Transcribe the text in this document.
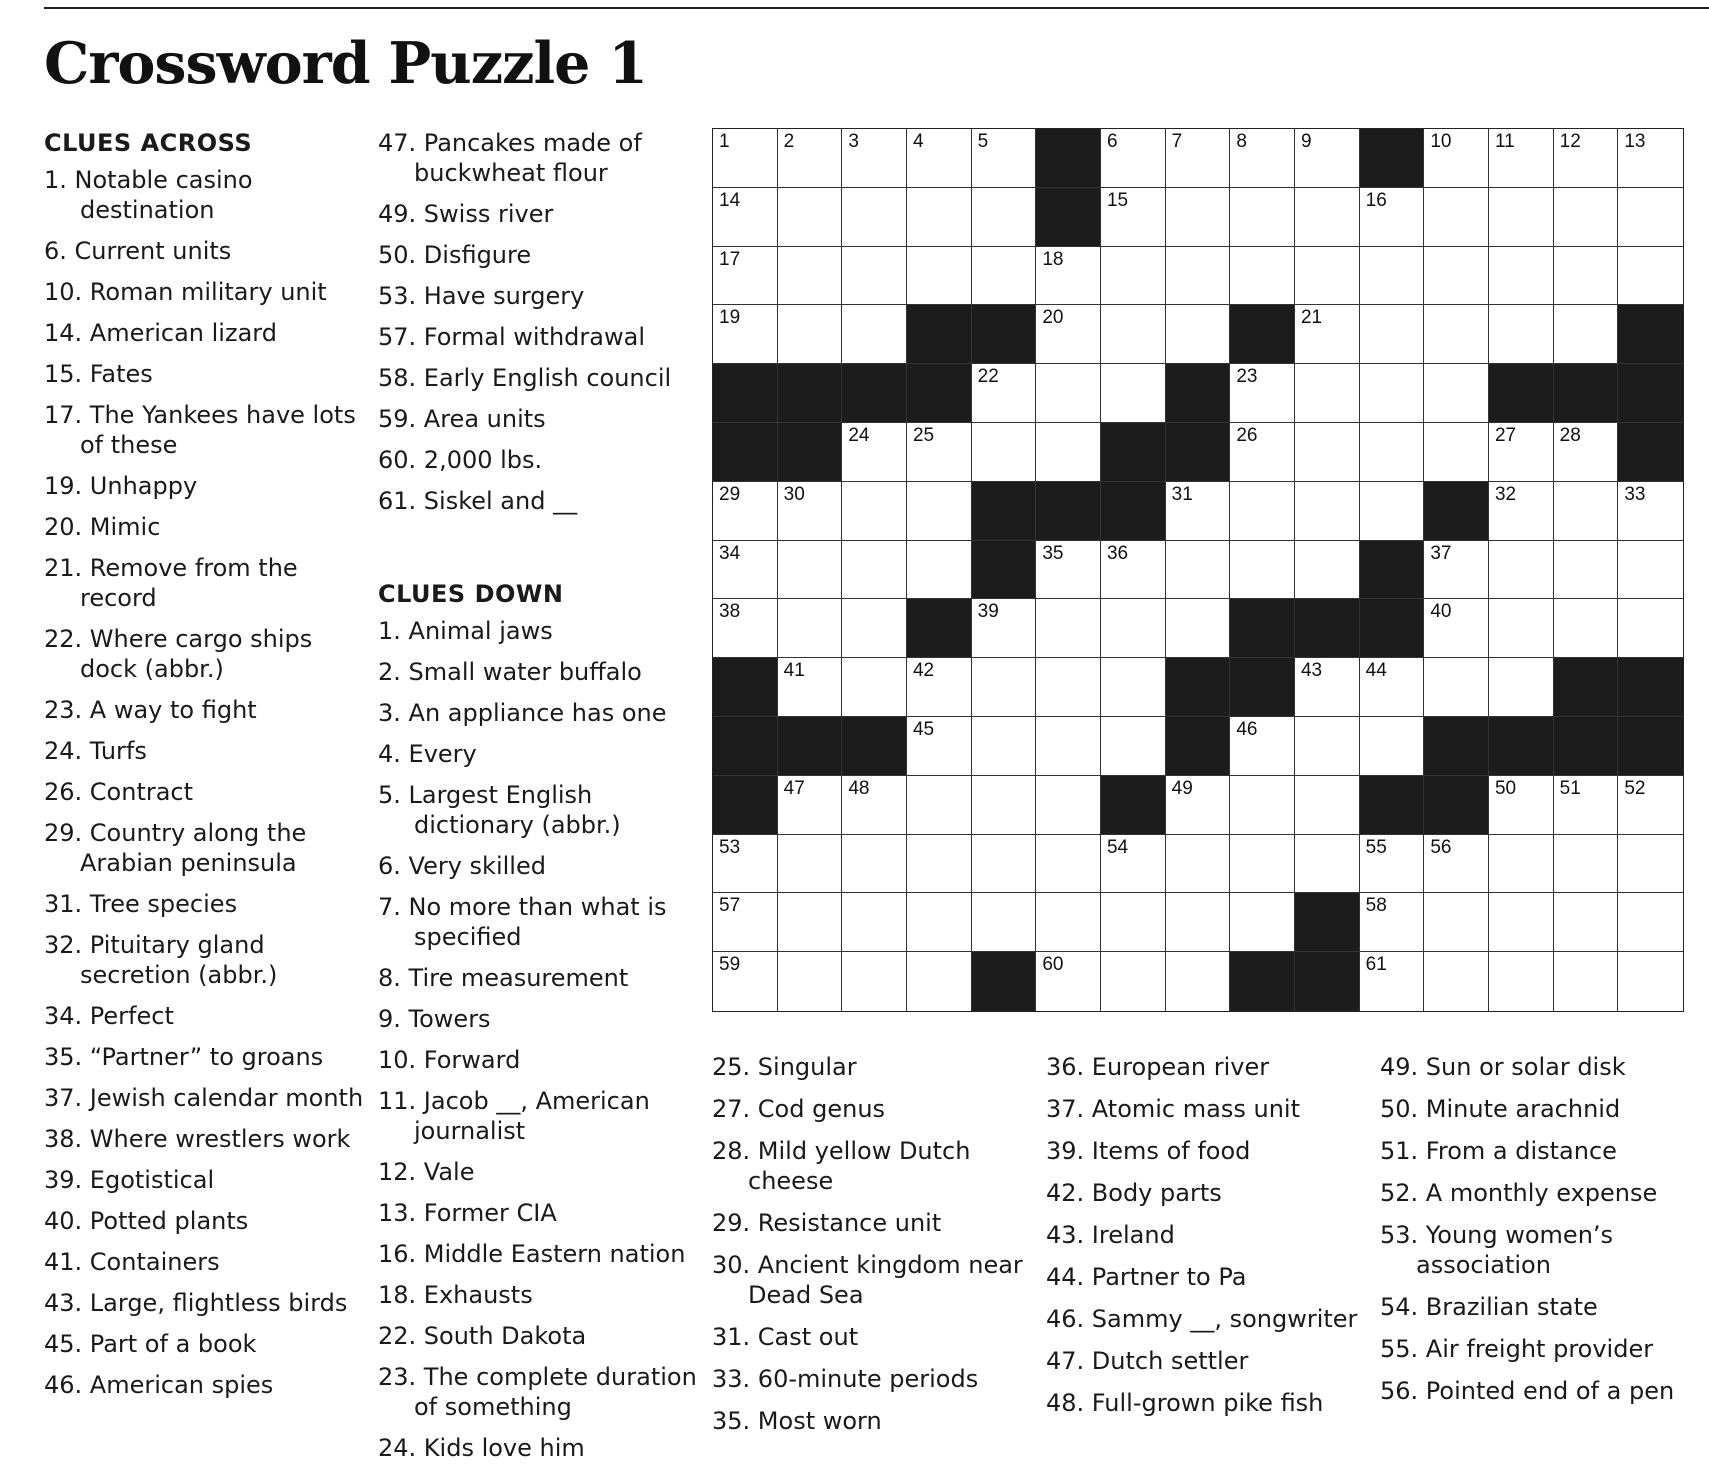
Crossword Puzzle 1
CLUES ACROSS
1. Notable casino destination
6. Current units
10. Roman military unit
14. American lizard
15. Fates
17. The Yankees have lots of these
19. Unhappy
20. Mimic
21. Remove from the record
22. Where cargo ships dock (abbr.)
23. A way to fight
24. Turfs
26. Contract
29. Country along the Arabian peninsula
31. Tree species
32. Pituitary gland secretion (abbr.)
34. Perfect
35. “Partner” to groans
37. Jewish calendar month
38. Where wrestlers work
39. Egotistical
40. Potted plants
41. Containers
43. Large, flightless birds
45. Part of a book
46. American spies
47. Pancakes made of buckwheat flour
49. Swiss river
50. Disfigure
53. Have surgery
57. Formal withdrawal
58. Early English council
59. Area units
60. 2,000 lbs.
61. Siskel and __
CLUES DOWN
1. Animal jaws
2. Small water buffalo
3. An appliance has one
4. Every
5. Largest English dictionary (abbr.)
6. Very skilled
7. No more than what is specified
8. Tire measurement
9. Towers
10. Forward
11. Jacob __, American journalist
12. Vale
13. Former CIA
16. Middle Eastern nation
18. Exhausts
22. South Dakota
23. The complete duration of something
24. Kids love him
1	2	3	4	5	6	7	8	9	10 11 12 13
14	15	16
17	18
19	20	21
22	23
24 25	26	27 28
29 30	31	32	33
34	35 36	37
38	39	40
41	42	43 44
45	46
47 48	49	50 51 52
53	54	55 56
57	58
59	60	61
25. Singular
27. Cod genus
28. Mild yellow Dutch cheese
29. Resistance unit
30. Ancient kingdom near Dead Sea
31. Cast out
33. 60-minute periods
35. Most worn
36. European river
37. Atomic mass unit
39. Items of food
42. Body parts
43. Ireland
44. Partner to Pa
46. Sammy __, songwriter
47. Dutch settler
48. Full-grown pike fish
49. Sun or solar disk
50. Minute arachnid
51. From a distance
52. A monthly expense
53. Young women’s association
54. Brazilian state
55. Air freight provider
56. Pointed end of a pen
